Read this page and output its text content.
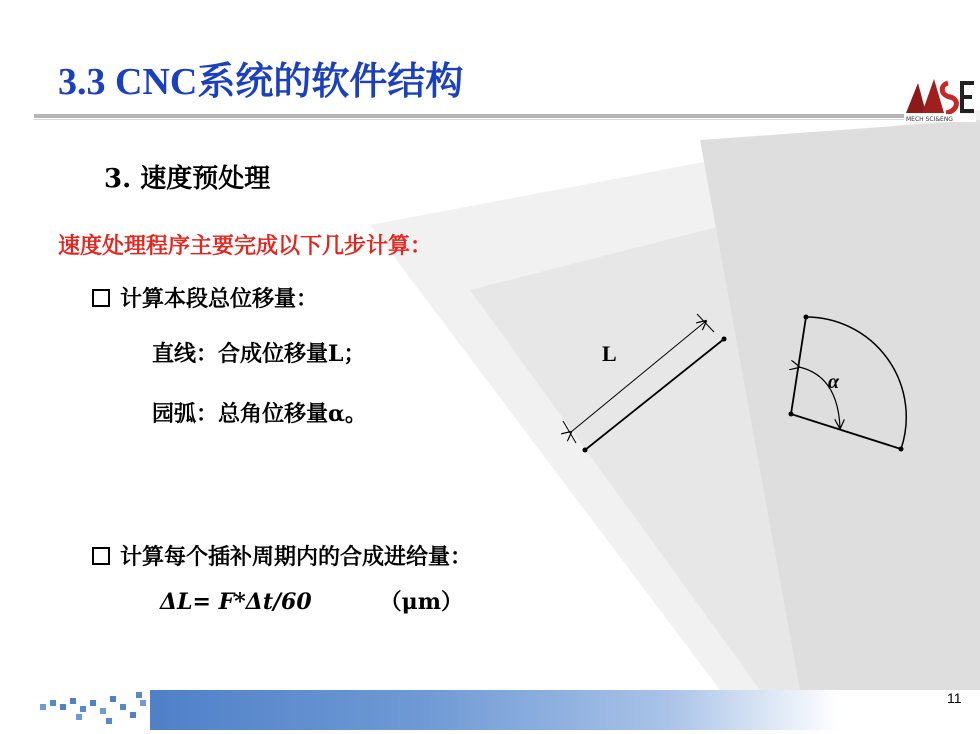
3.3 CNC系统的软件结构
MECH SCI&ENG
3. 速度预处理
速度处理程序主要完成以下几步计算：
计算本段总位移量：
直线：合成位移量L；
园弧：总角位移量α。
计算每个插补周期内的合成进给量：
ΔL= F*Δt/60	（μm）
L
α
11
